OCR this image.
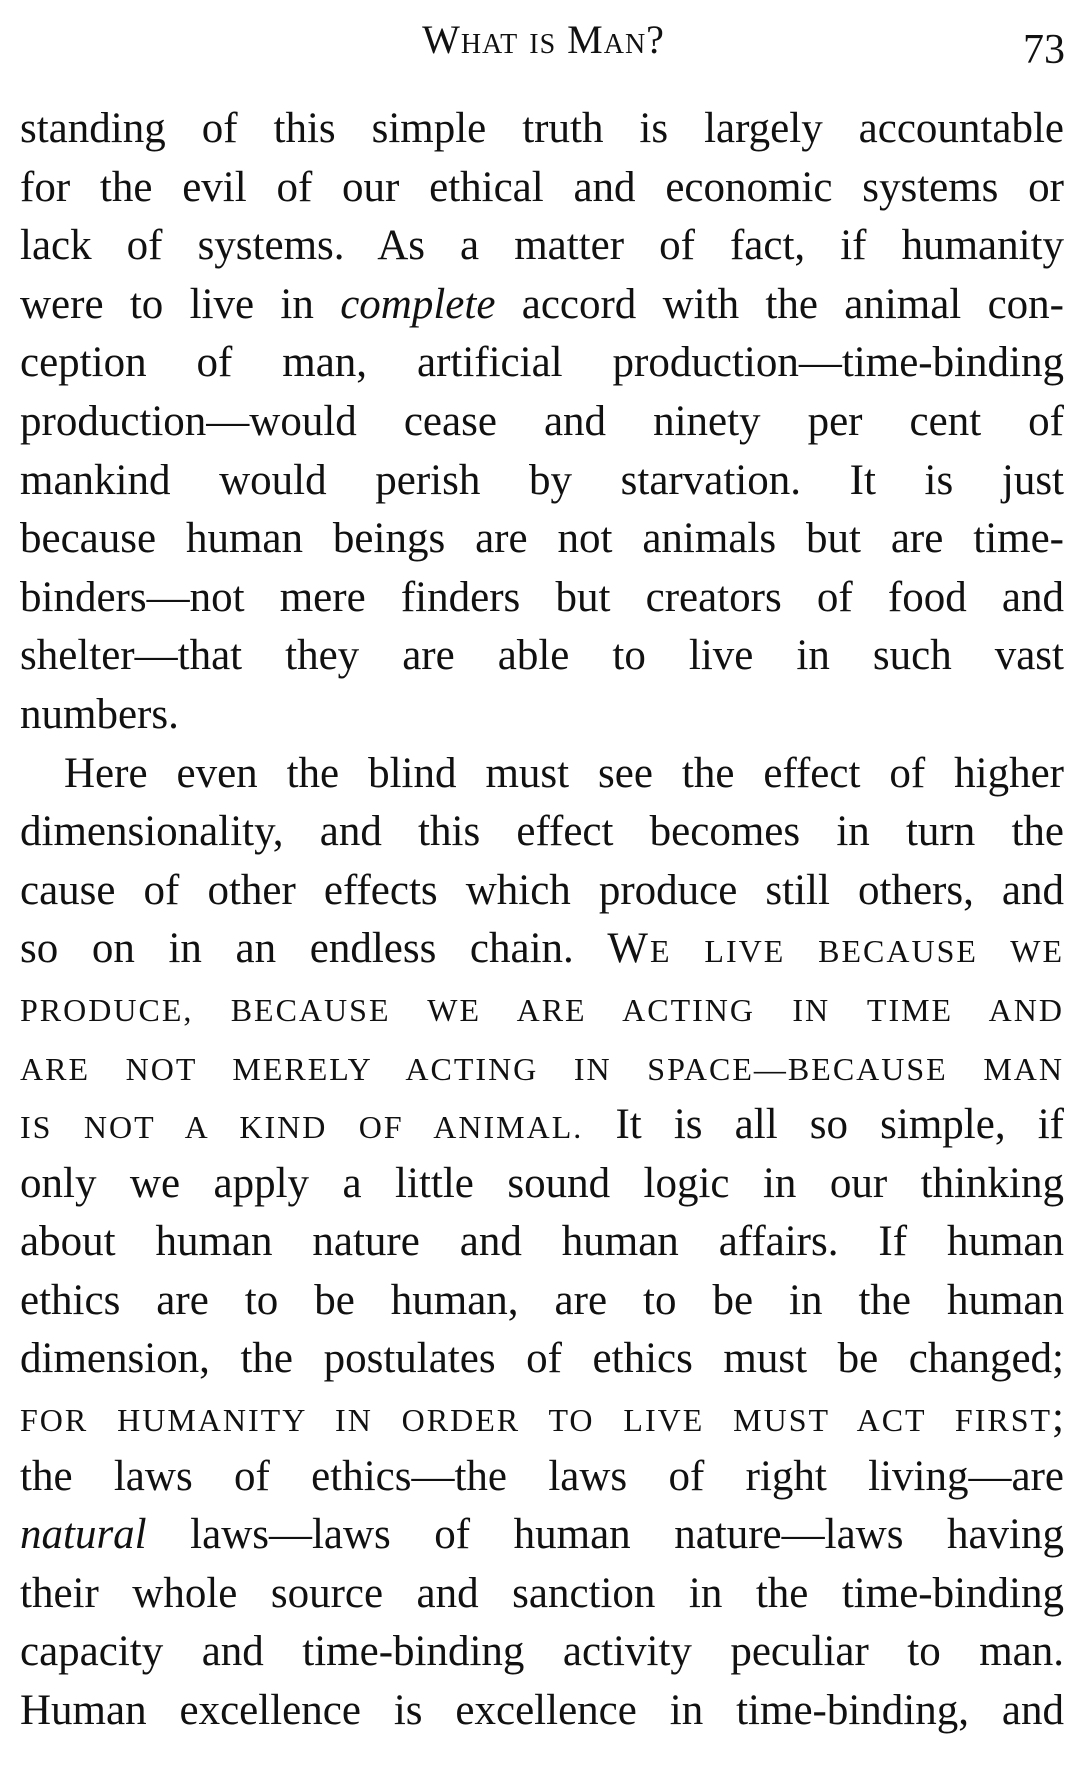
What is Man?	73
standing of this simple truth is largely accountable
for the evil of our ethical and economic systems or
lack of systems. As a matter of fact, if humanity
were to live in complete accord with the animal con-
ception of man, artificial production—time-binding
production—would cease and ninety per cent of
mankind would perish by starvation. It is just
because human beings are not animals but are time-
binders—not mere finders but creators of food and
shelter—that they are able to live in such vast
numbers.
Here even the blind must see the effect of higher
dimensionality, and this effect becomes in turn the
cause of other effects which produce still others, and
so on in an endless chain. WE LIVE BECAUSE WE
PRODUCE, BECAUSE WE ARE ACTING IN TIME AND
ARE NOT MERELY ACTING IN SPACE—BECAUSE MAN
IS NOT A KIND OF ANIMAL. It is all so simple, if
only we apply a little sound logic in our thinking
about human nature and human affairs. If human
ethics are to be human, are to be in the human
dimension, the postulates of ethics must be changed;
FOR HUMANITY IN ORDER TO LIVE MUST ACT FIRST;
the laws of ethics—the laws of right living—are
natural laws—laws of human nature—laws having
their whole source and sanction in the time-binding
capacity and time-binding activity peculiar to man.
Human excellence is excellence in time-binding, and
